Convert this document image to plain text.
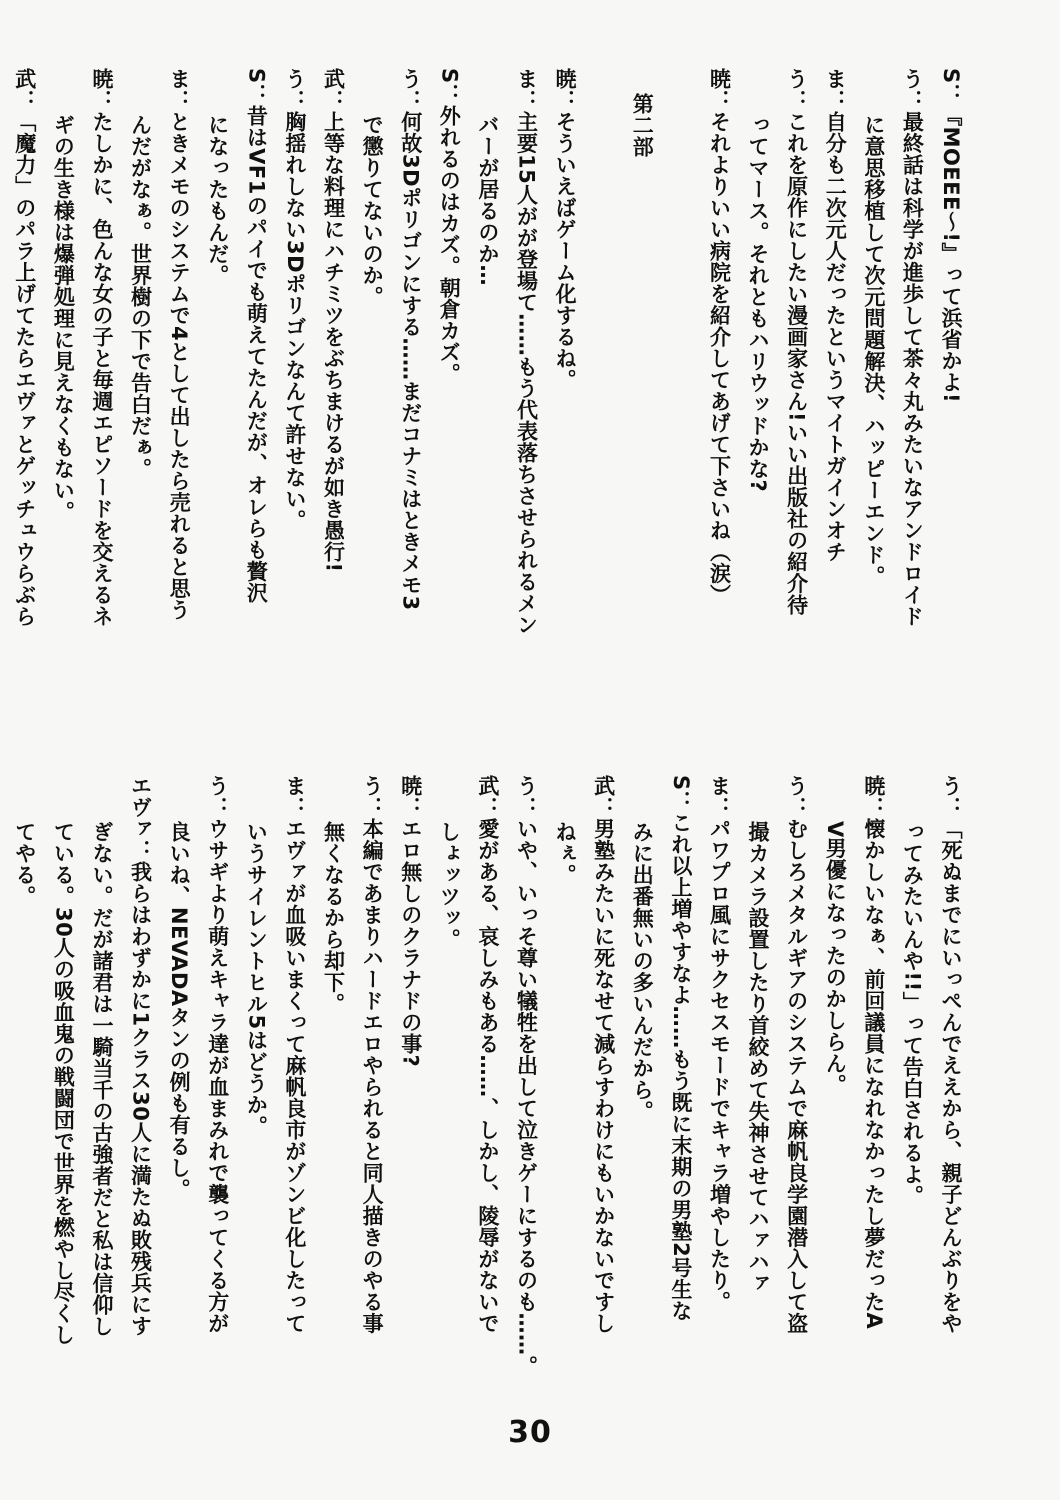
S：『MOEEE〜!』って浜省かよ!
う：最終話は科学が進歩して茶々丸みたいなアンドロイド
に意思移植して次元問題解決、ハッピーエンド。
ま：自分も二次元人だったというマイトガインオチ
う：これを原作にしたい漫画家さん!いい出版社の紹介待
ってマース。それともハリウッドかな?
暁：それよりいい病院を紹介してあげて下さいね（涙）

第二部

暁：そういえばゲーム化するね。
ま：主要15人がが登場て……もう代表落ちさせられるメン
バーが居るのか…
S：外れるのはカズ。朝倉カズ。
う：何故3Dポリゴンにする……まだコナミはときメモ3
で懲りてないのか。
武：上等な料理にハチミツをぶちまけるが如き愚行!
う：胸揺れしない3Dポリゴンなんて許せない。
S：昔はVF1のパイでも萌えてたんだが、オレらも贅沢
になったもんだ。
ま：ときメモのシステムで4として出したら売れると思う
んだがなぁ。世界樹の下で告白だぁ。
暁：たしかに、色んな女の子と毎週エピソードを交えるネ
ギの生き様は爆弾処理に見えなくもない。
武：「魔力」のパラ上げてたらエヴァとゲッチュウらぶら
う：「死ぬまでにいっぺんでええから、親子どんぶりをや
ってみたいんや!!」って告白されるよ。
暁：懐かしいなぁ、前回議員になれなかったし夢だったA
V男優になったのかしらん。
う：むしろメタルギアのシステムで麻帆良学園潜入して盗
撮カメラ設置したり首絞めて失神させてハァハァ
ま：パワプロ風にサクセスモードでキャラ増やしたり。
S：これ以上増やすなよ……もう既に末期の男塾2号生な
みに出番無いの多いんだから。
武：男塾みたいに死なせて減らすわけにもいかないですし
ねぇ。
う：いや、いっそ尊い犠牲を出して泣きゲーにするのも……。
武：愛がある、哀しみもある……、しかし、陵辱がないで
しょッツッ。
暁：エロ無しのクラナドの事?
う：本編であまりハードエロやられると同人描きのやる事
無くなるから却下。
ま：エヴァが血吸いまくって麻帆良市がゾンビ化したって
いうサイレントヒル5はどうか。
う：ウサギより萌えキャラ達が血まみれで襲ってくる方が
良いね、NEVADAタンの例も有るし。
エヴァ：我らはわずかに1クラス30人に満たぬ敗残兵にす
ぎない。だが諸君は一騎当千の古強者だと私は信仰し
ている。30人の吸血鬼の戦闘団で世界を燃やし尽くし
てやる。
30
